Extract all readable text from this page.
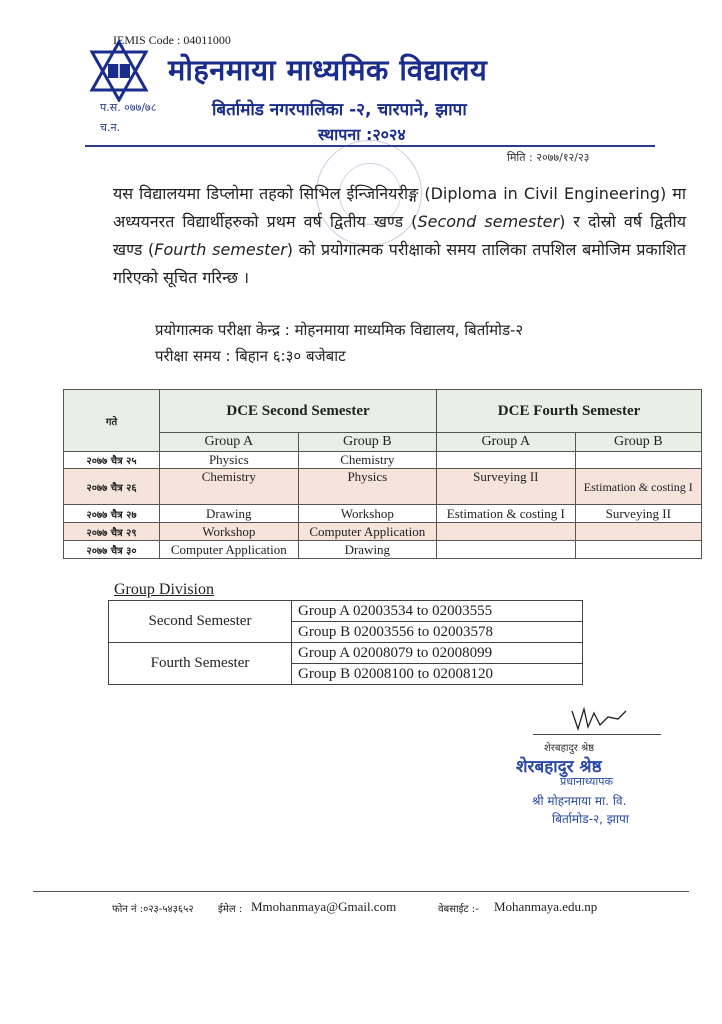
IEMIS Code : 04011000
मोहनमाया माध्यमिक विद्यालय
प.स. ०७७/७८
च.न.
बिर्तामोड नगरपालिका -२, चारपाने, झापा
स्थापना :२०२४
मिति : २०७७/१२/२३
यस विद्यालयमा डिप्लोमा तहको सिभिल ईन्जिनियरीङ्ग (Diploma in Civil Engineering) मा अध्ययनरत विद्यार्थीहरुको प्रथम वर्ष द्वितीय खण्ड (Second semester) र दोस्रो वर्ष द्वितीय खण्ड (Fourth semester) को प्रयोगात्मक परीक्षाको समय तालिका तपशिल बमोजिम प्रकाशित गरिएको सूचित गरिन्छ ।
प्रयोगात्मक परीक्षा केन्द्र : मोहनमाया माध्यमिक विद्यालय, बिर्तामोड-२
परीक्षा समय : बिहान ६:३० बजेबाट
गते	DCE Second Semester		DCE Fourth Semester	
	Group A	Group B	Group A	Group B
२०७७ चैत्र २५	Physics	Chemistry		
२०७७ चैत्र २६	Chemistry	Physics	Surveying II	Estimation & costing I
२०७७ चैत्र २७	Drawing	Workshop	Estimation & costing I	Surveying II
२०७७ चैत्र २९	Workshop	Computer Application		
२०७७ चैत्र ३०	Computer Application	Drawing		
Group Division
Second Semester	Group A 02003534 to 02003555
	Group B 02003556 to 02003578
Fourth Semester	Group A 02008079 to 02008099
	Group B 02008100 to 02008120
शेरबहादुर श्रेष्ठ
शेरबहादुर श्रेष्ठ
प्रधानाध्यापक
श्री मोहनमाया मा. वि.
बिर्तामोड-२, झापा
फोन नं :०२३-५४३६५२ ईमेल : Mmohanmaya@Gmail.com	वेबसाईट :- Mohanmaya.edu.np
